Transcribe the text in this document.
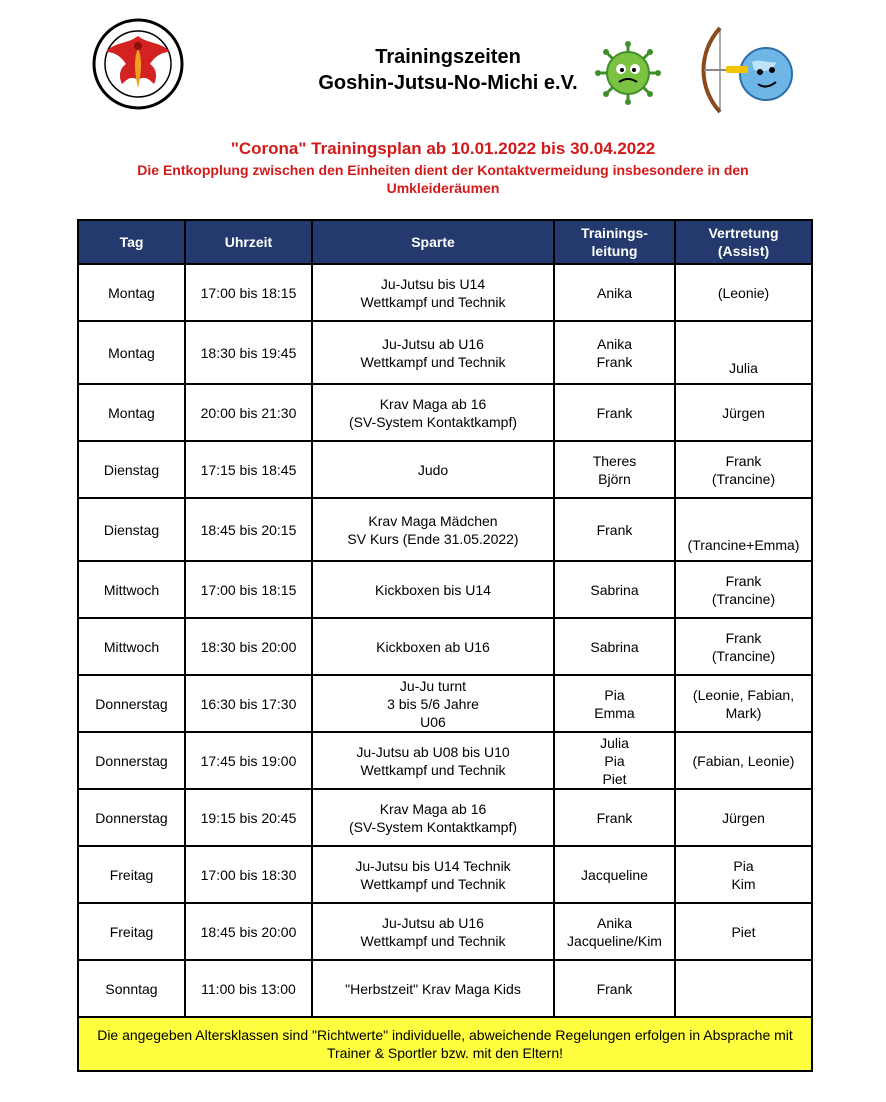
Trainingszeiten
Goshin-Jutsu-No-Michi e.V.
"Corona" Trainingsplan ab 10.01.2022 bis 30.04.2022
Die Entkopplung zwischen den Einheiten dient der Kontaktvermeidung insbesondere in den Umkleideräumen
Tag	Uhrzeit	Sparte	Trainings-
leitung	Vertretung
(Assist)

Montag	17:00 bis 18:15	Ju-Jutsu bis U14
Wettkampf und Technik	Anika	(Leonie)

Montag	18:30 bis 19:45	Ju-Jutsu ab U16
Wettkampf und Technik	Anika
Frank	Julia

Montag	20:00 bis 21:30	Krav Maga ab 16
(SV-System Kontaktkampf)	Frank	Jürgen

Dienstag	17:15 bis 18:45	Judo	Theres
Björn	Frank
(Trancine)

Dienstag	18:45 bis 20:15	Krav Maga Mädchen
SV Kurs (Ende 31.05.2022)	Frank	(Trancine+Emma)

Mittwoch	17:00 bis 18:15	Kickboxen bis U14	Sabrina	Frank
(Trancine)

Mittwoch	18:30 bis 20:00	Kickboxen ab U16	Sabrina	Frank
(Trancine)

Donnerstag	16:30 bis 17:30	Ju-Ju turnt
3 bis 5/6 Jahre
U06	Pia
Emma	(Leonie, Fabian,
Mark)

Donnerstag	17:45 bis 19:00	Ju-Jutsu ab U08 bis U10
Wettkampf und Technik	Julia
Pia
Piet	(Fabian, Leonie)

Donnerstag	19:15 bis 20:45	Krav Maga ab 16
(SV-System Kontaktkampf)	Frank	Jürgen

Freitag	17:00 bis 18:30	Ju-Jutsu bis U14 Technik
Wettkampf und Technik	Jacqueline	Pia
Kim

Freitag	18:45 bis 20:00	Ju-Jutsu ab U16
Wettkampf und Technik	Anika
Jacqueline/Kim	Piet

Sonntag	11:00 bis 13:00	"Herbstzeit" Krav Maga Kids	Frank	

Die angegeben Altersklassen sind "Richtwerte" individuelle, abweichende Regelungen erfolgen in Absprache mit Trainer & Sportler bzw. mit den Eltern!				
